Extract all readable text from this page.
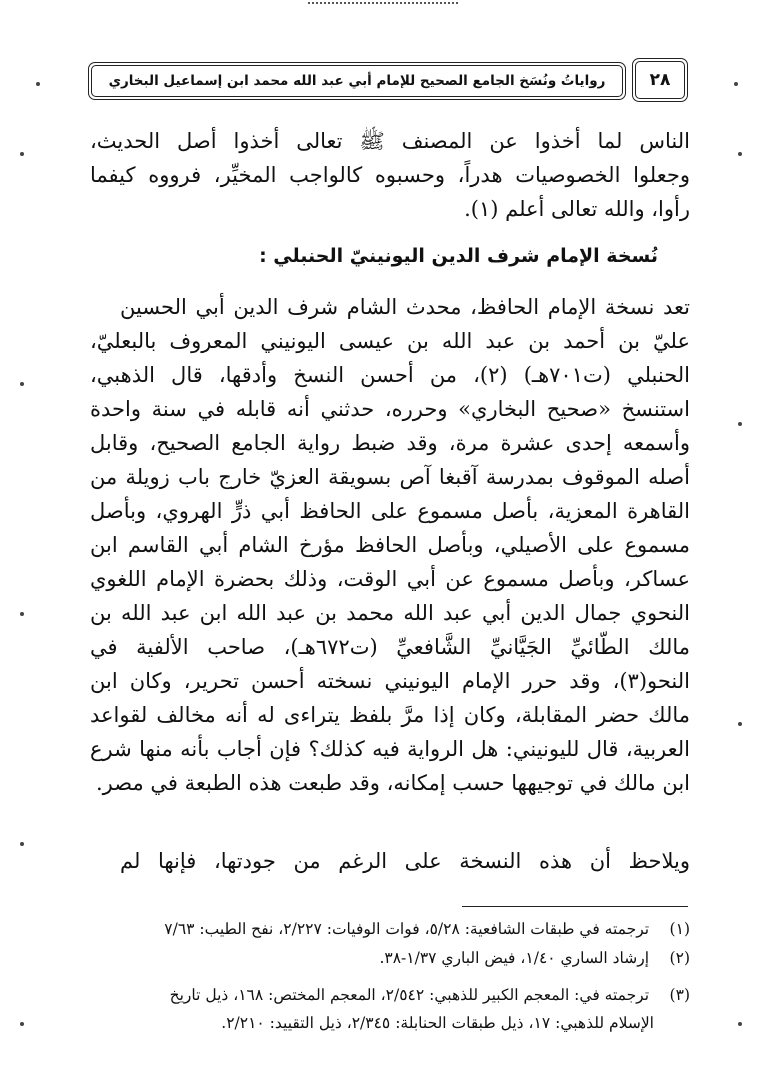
رواياتُ ونُسَخ الجامع الصحيح للإمام أبي عبد الله محمد ابن إسماعيل البخاري	٢٨
الناس لما أخذوا عن المصنف ﷺ تعالى أخذوا أصل الحديث،
وجعلوا الخصوصيات هدراً، وحسبوه كالواجب المخيِّر، فرووه كيفما
رأوا، والله تعالى أعلم (١).
نُسخة الإمام شرف الدين اليونينيّ الحنبلي :
تعد نسخة الإمام الحافظ، محدث الشام شرف الدين أبي الحسين
عليّ بن أحمد بن عبد الله بن عيسى اليونيني المعروف بالبعليّ،
الحنبلي (ت٧٠١هـ) (٢)، من أحسن النسخ وأدقها، قال الذهبي،
استنسخ «صحيح البخاري» وحرره، حدثني أنه قابله في سنة واحدة
وأسمعه إحدى عشرة مرة، وقد ضبط رواية الجامع الصحيح، وقابل
أصله الموقوف بمدرسة آقبغا آص بسويقة العزيّ خارج باب زويلة من
القاهرة المعزية، بأصل مسموع على الحافظ أبي ذرٍّ الهروي، وبأصل
مسموع على الأصيلي، وبأصل الحافظ مؤرخ الشام أبي القاسم ابن
عساكر، وبأصل مسموع عن أبي الوقت، وذلك بحضرة الإمام اللغوي
النحوي جمال الدين أبي عبد الله محمد بن عبد الله ابن عبد الله بن
مالك الطّائيِّ الجَيَّانيِّ الشَّافعيِّ (ت٦٧٢هـ)، صاحب الألفية في
النحو(٣)، وقد حرر الإمام اليونيني نسخته أحسن تحرير، وكان ابن
مالك حضر المقابلة، وكان إذا مرَّ بلفظ يتراءى له أنه مخالف لقواعد
العربية، قال لليونيني: هل الرواية فيه كذلك؟ فإن أجاب بأنه منها شرع
ابن مالك في توجيهها حسب إمكانه، وقد طبعت هذه الطبعة في مصر.
ويلاحظ أن هذه النسخة على الرغم من جودتها، فإنها لم
(١) ترجمته في طبقات الشافعية: ٥/٢٨، فوات الوفيات: ٢/٢٢٧، نفح الطيب: ٧/٦٣
(٢) إرشاد الساري ١/٤٠، فيض الباري ١/٣٧-٣٨.
(٣) ترجمته في: المعجم الكبير للذهبي: ٢/٥٤٢، المعجم المختص: ١٦٨، ذيل تاريخ
الإسلام للذهبي: ١٧، ذيل طبقات الحنابلة: ٢/٣٤٥، ذيل التقييد: ٢/٢١٠.
